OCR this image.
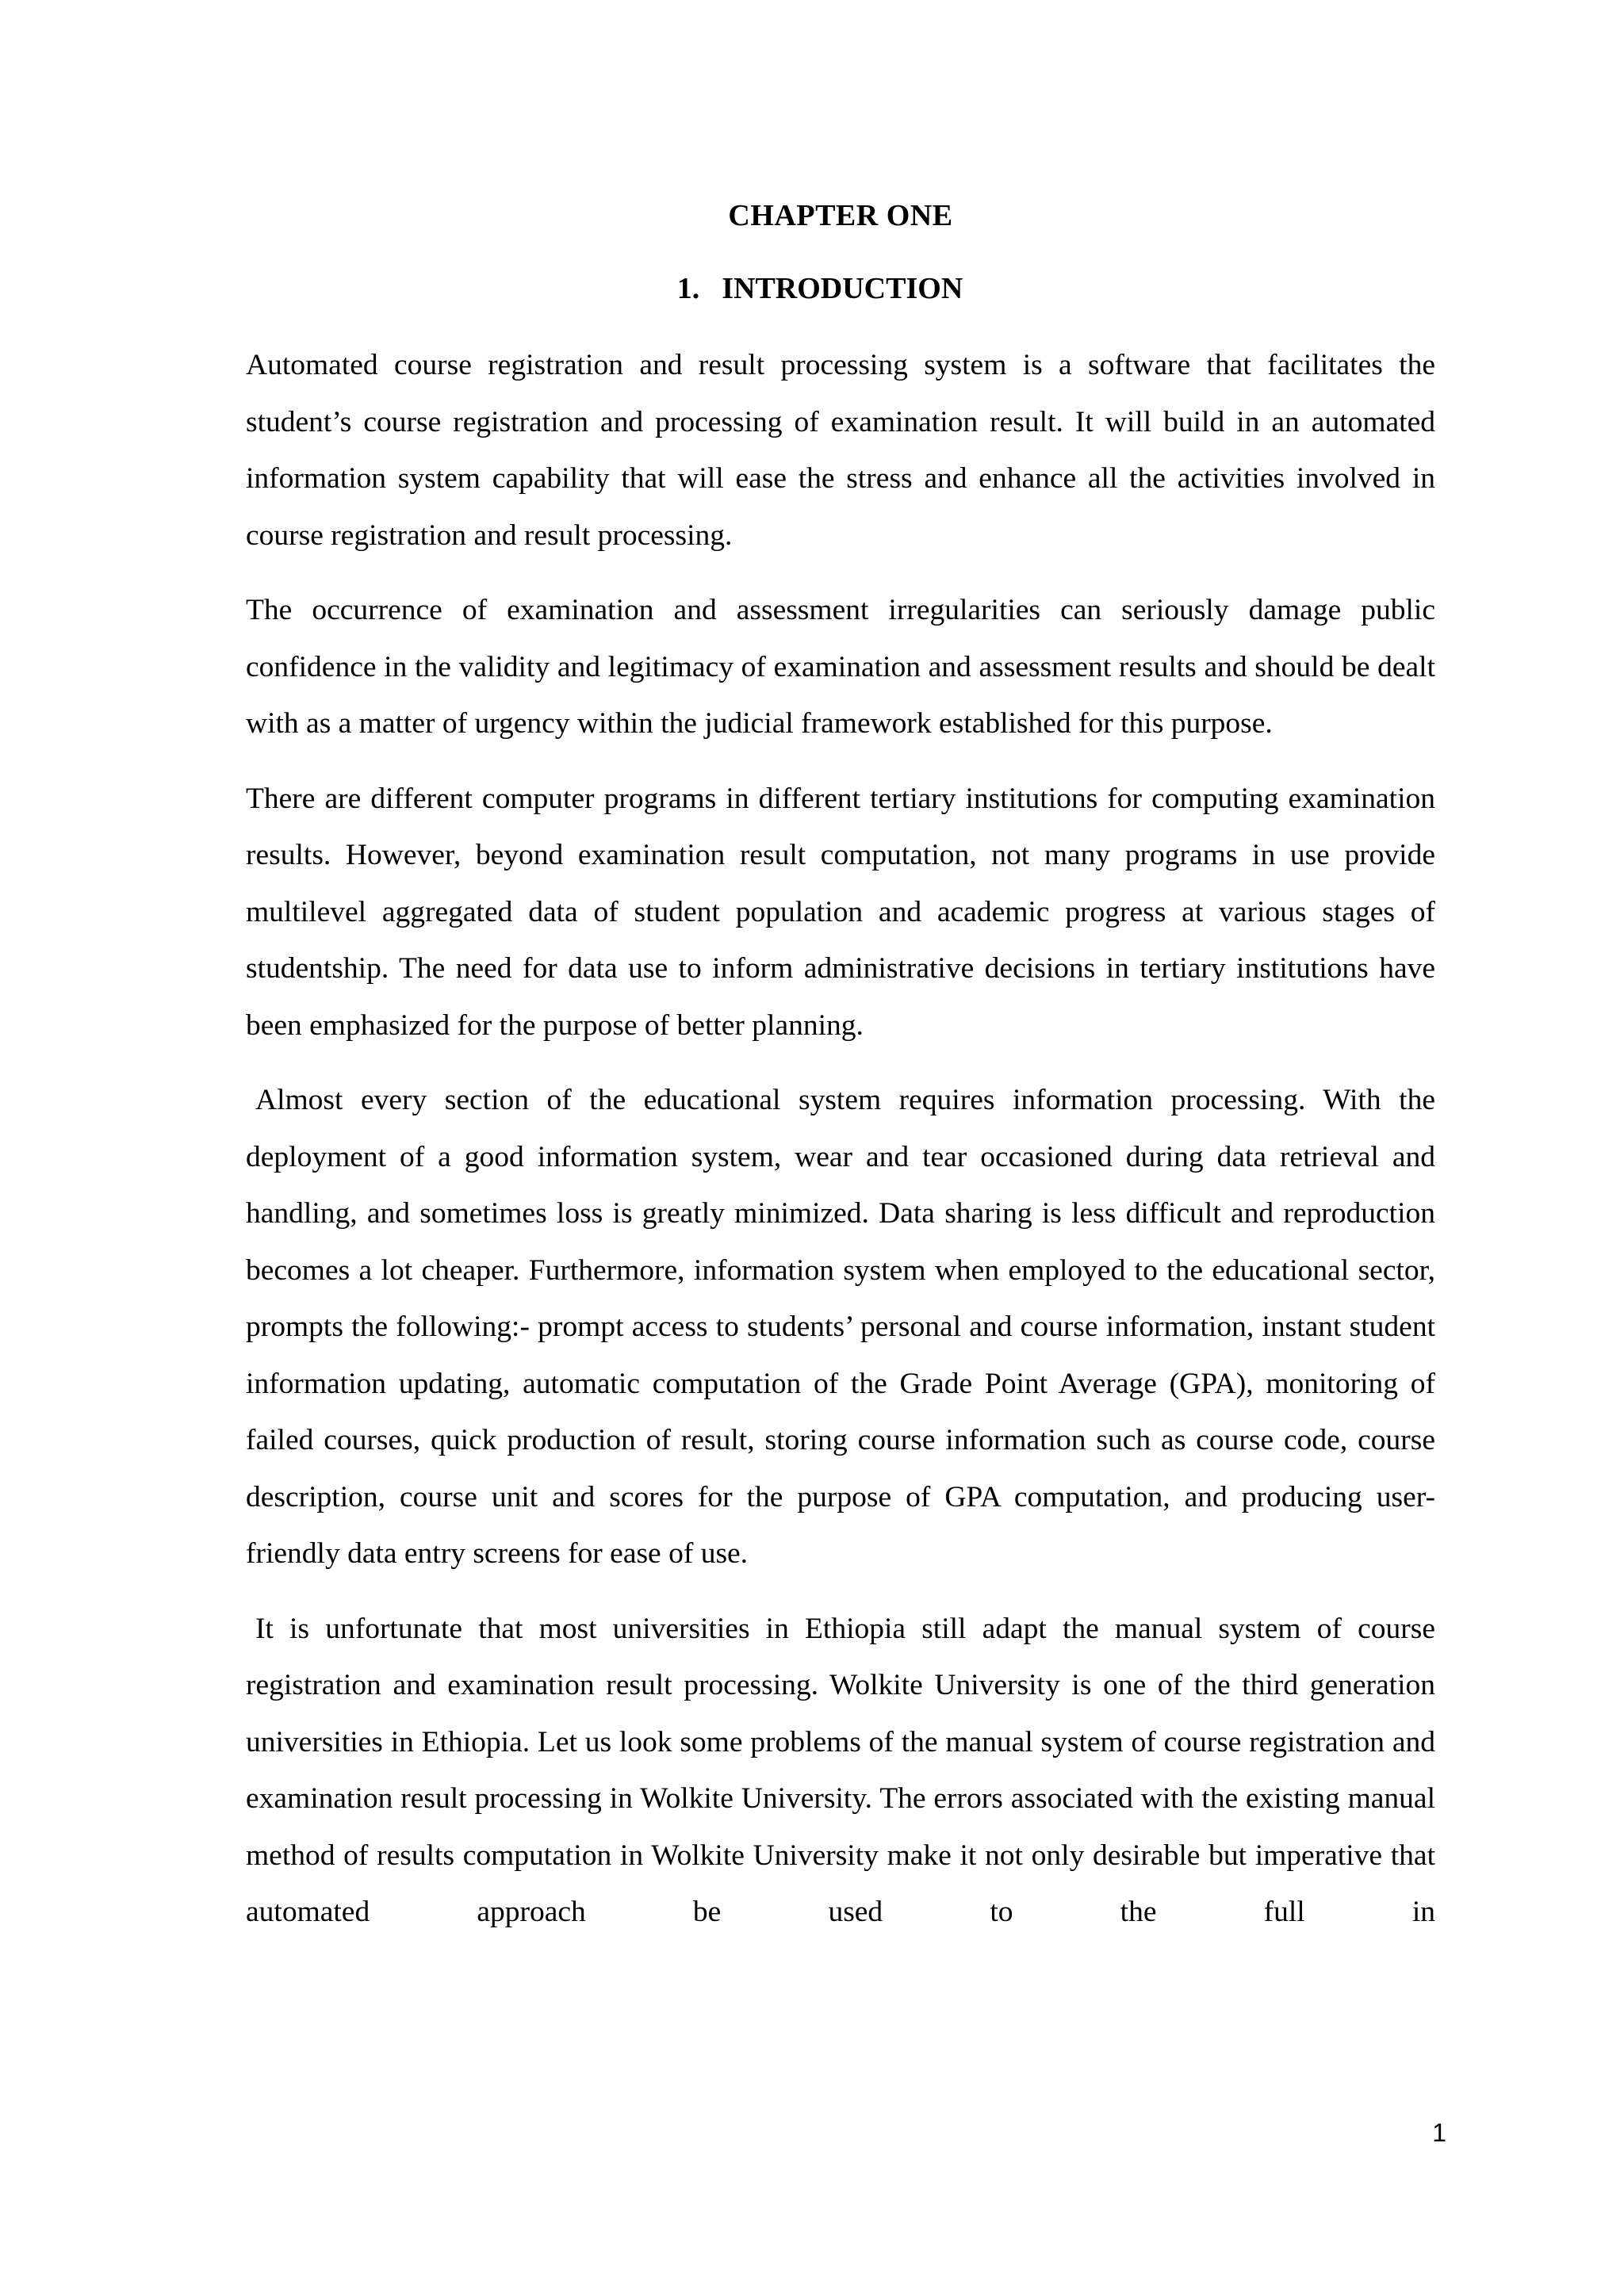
CHAPTER ONE
1. INTRODUCTION

Automated course registration and result processing system is a software that facilitates the student’s course registration and processing of examination result. It will build in an automated information system capability that will ease the stress and enhance all the activities involved in course registration and result processing.

The occurrence of examination and assessment irregularities can seriously damage public confidence in the validity and legitimacy of examination and assessment results and should be dealt with as a matter of urgency within the judicial framework established for this purpose.

There are different computer programs in different tertiary institutions for computing examination results. However, beyond examination result computation, not many programs in use provide multilevel aggregated data of student population and academic progress at various stages of studentship. The need for data use to inform administrative decisions in tertiary institutions have been emphasized for the purpose of better planning.

Almost every section of the educational system requires information processing. With the deployment of a good information system, wear and tear occasioned during data retrieval and handling, and sometimes loss is greatly minimized. Data sharing is less difficult and reproduction becomes a lot cheaper. Furthermore, information system when employed to the educational sector, prompts the following:- prompt access to students’ personal and course information, instant student information updating, automatic computation of the Grade Point Average (GPA), monitoring of failed courses, quick production of result, storing course information such as course code, course description, course unit and scores for the purpose of GPA computation, and producing user-friendly data entry screens for ease of use.

It is unfortunate that most universities in Ethiopia still adapt the manual system of course registration and examination result processing. Wolkite University is one of the third generation universities in Ethiopia. Let us look some problems of the manual system of course registration and examination result processing in Wolkite University. The errors associated with the existing manual method of results computation in Wolkite University make it not only desirable but imperative that automated approach be used to the full in

1
